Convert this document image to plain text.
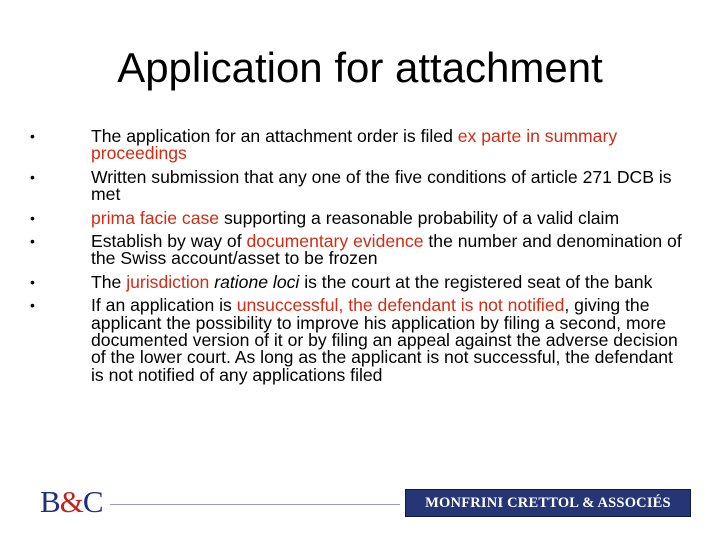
Application for attachment
•	The application for an attachment order is filed ex parte in summary proceedings
•	Written submission that any one of the five conditions of article 271 DCB is met
•	prima facie case supporting a reasonable probability of a valid claim
•	Establish by way of documentary evidence the number and denomination of the Swiss account/asset to be frozen
•	The jurisdiction ratione loci is the court at the registered seat of the bank
•	If an application is unsuccessful, the defendant is not notified, giving the applicant the possibility to improve his application by filing a second, more documented version of it or by filing an appeal against the adverse decision of the lower court. As long as the applicant is not successful, the defendant is not notified of any applications filed
B&C	MONFRINI CRETTOL & ASSOCIÉS
